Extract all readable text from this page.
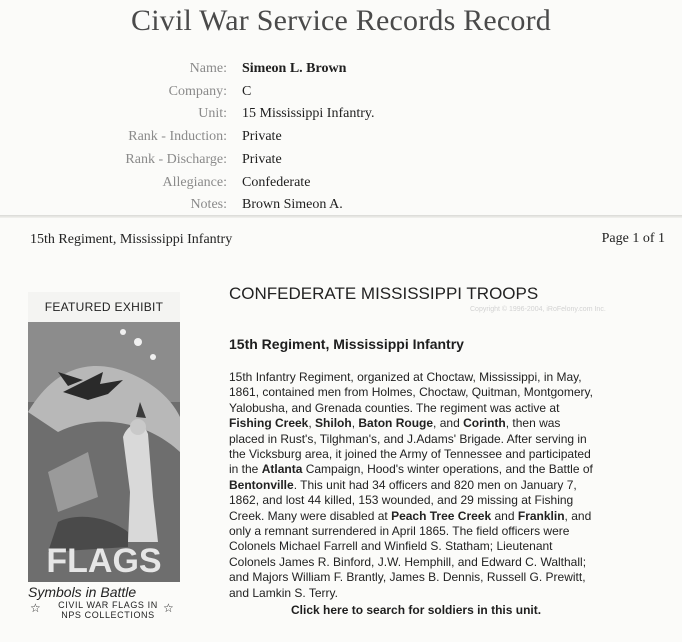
Civil War Service Records Record
Name: Simeon L. Brown
Company: C
Unit: 15 Mississippi Infantry.
Rank - Induction: Private
Rank - Discharge: Private
Allegiance: Confederate
Notes: Brown Simeon A.
15th Regiment, Mississippi Infantry	Page 1 of 1
FEATURED EXHIBIT
FLAGS
Symbols in Battle
☆	CIVIL WAR FLAGS IN
NPS COLLECTIONS ☆
CONFEDERATE MISSISSIPPI TROOPS
Copyright © 1996-2004, iRoFelony.com Inc.
15th Regiment, Mississippi Infantry
15th Infantry Regiment, organized at Choctaw, Mississippi, in May,
1861, contained men from Holmes, Choctaw, Quitman, Montgomery,
Yalobusha, and Grenada counties. The regiment was active at
Fishing Creek, Shiloh, Baton Rouge, and Corinth, then was
placed in Rust's, Tilghman's, and J.Adams' Brigade. After serving in
the Vicksburg area, it joined the Army of Tennessee and participated
in the Atlanta Campaign, Hood's winter operations, and the Battle of
Bentonville. This unit had 34 officers and 820 men on January 7,
1862, and lost 44 killed, 153 wounded, and 29 missing at Fishing
Creek. Many were disabled at Peach Tree Creek and Franklin, and
only a remnant surrendered in April 1865. The field officers were
Colonels Michael Farrell and Winfield S. Statham; Lieutenant
Colonels James R. Binford, J.W. Hemphill, and Edward C. Walthall;
and Majors William F. Brantly, James B. Dennis, Russell G. Prewitt,
and Lamkin S. Terry.
Click here to search for soldiers in this unit.
